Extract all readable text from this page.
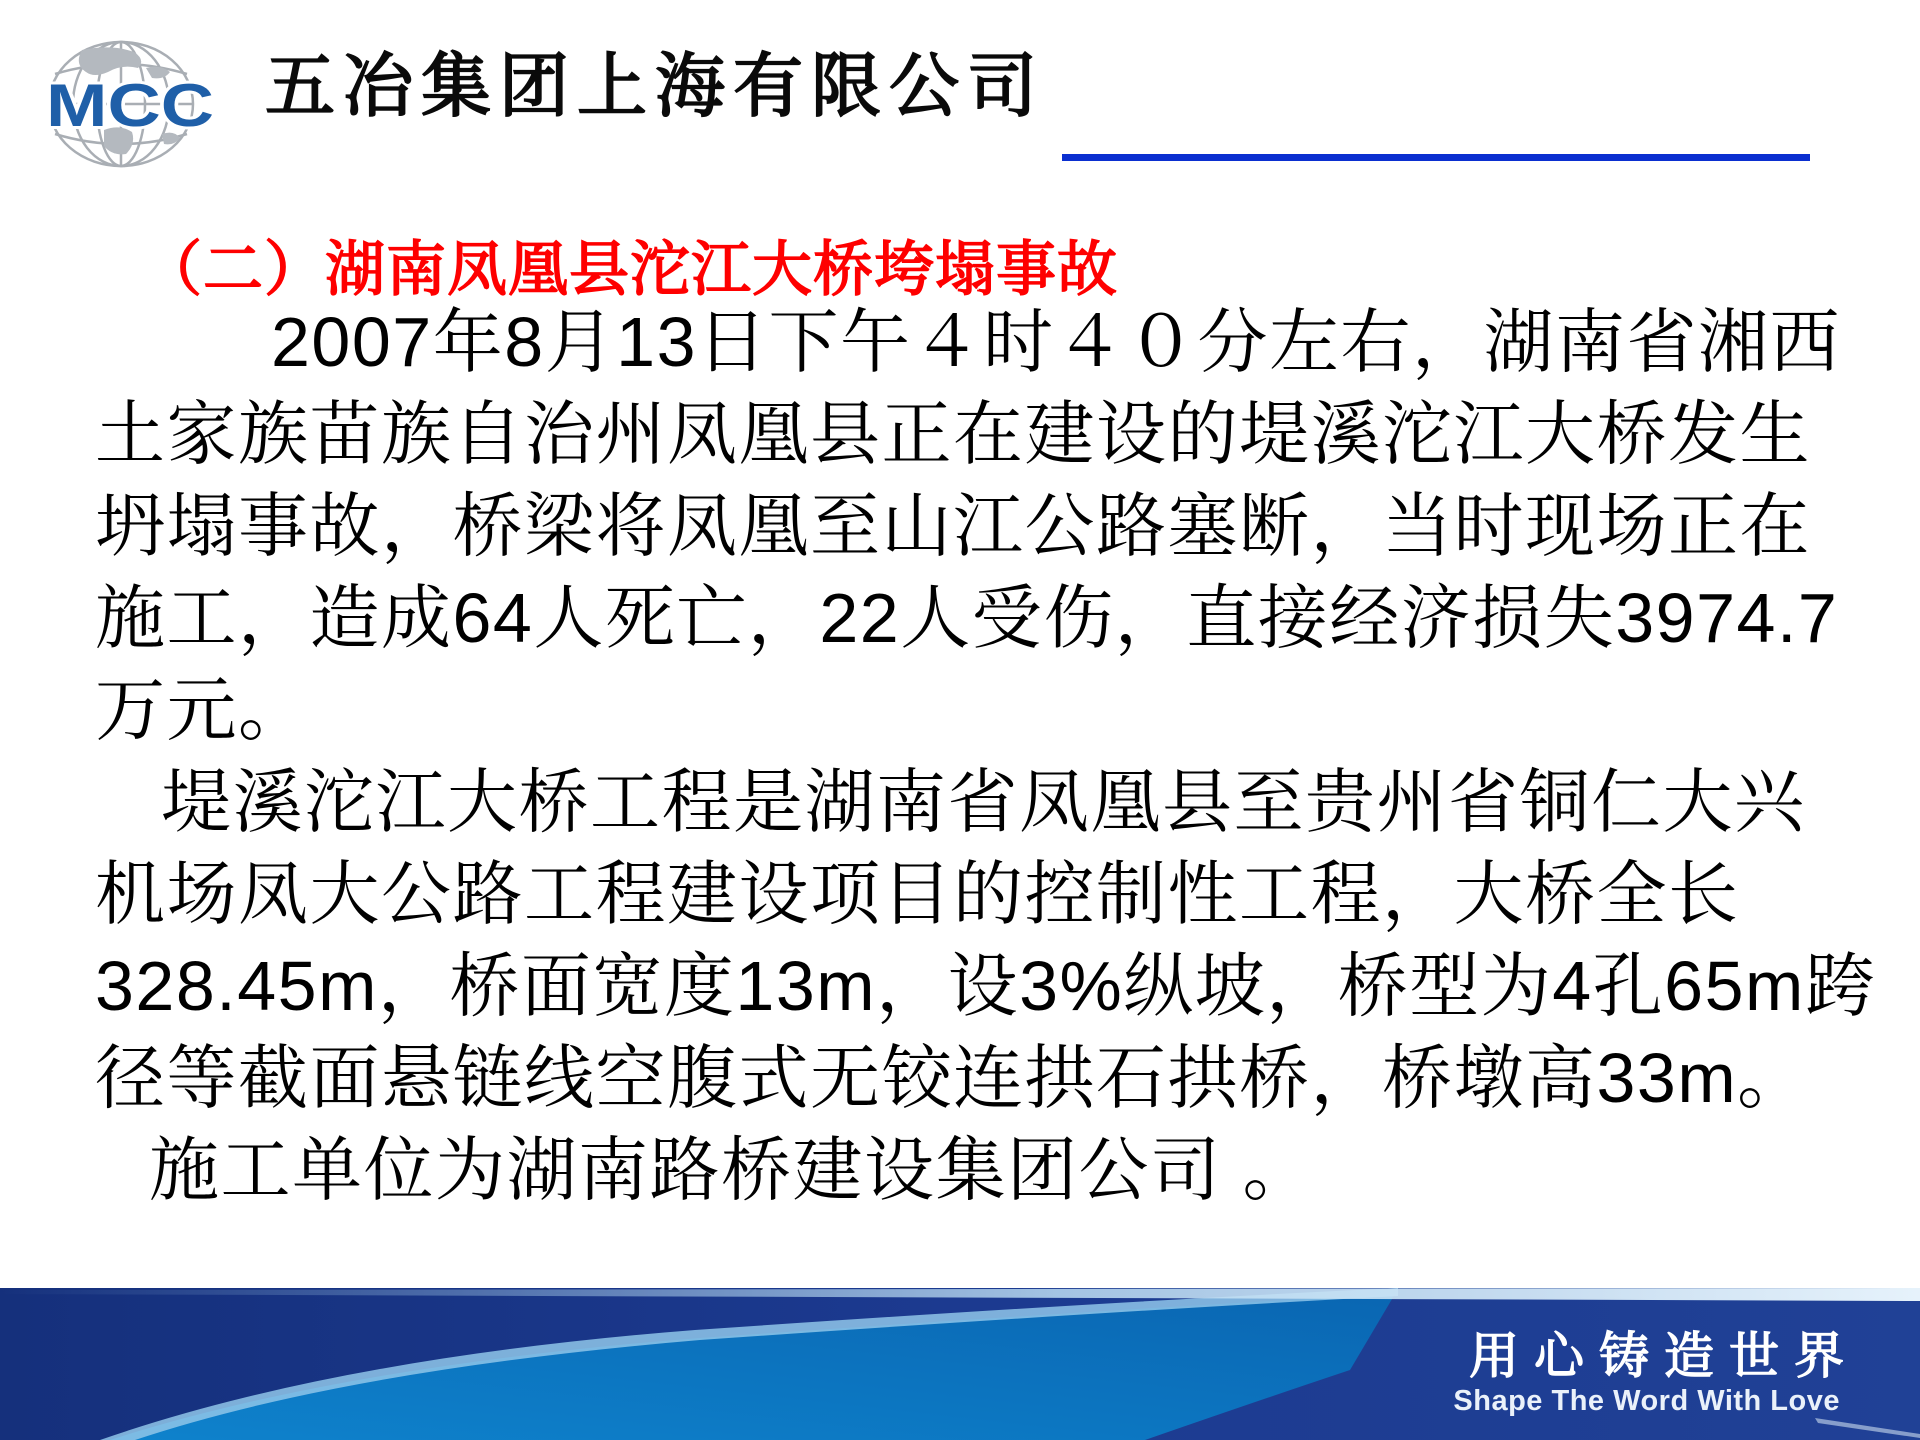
MCC 五冶集团上海有限公司
（二）湖南凤凰县沱江大桥垮塌事故
2007年8月13日下午４时４０分左右，湖南省湘西
土家族苗族自治州凤凰县正在建设的堤溪沱江大桥发生
坍塌事故，桥梁将凤凰至山江公路塞断，当时现场正在
施工，造成64人死亡，22人受伤，直接经济损失3974.7
万元。
堤溪沱江大桥工程是湖南省凤凰县至贵州省铜仁大兴
机场凤大公路工程建设项目的控制性工程，大桥全长
328.45m，桥面宽度13m，设3%纵坡，桥型为4孔65m跨
径等截面悬链线空腹式无铰连拱石拱桥，桥墩高33m。
施工单位为湖南路桥建设集团公司 。
用心铸造世界
Shape The Word With Love
